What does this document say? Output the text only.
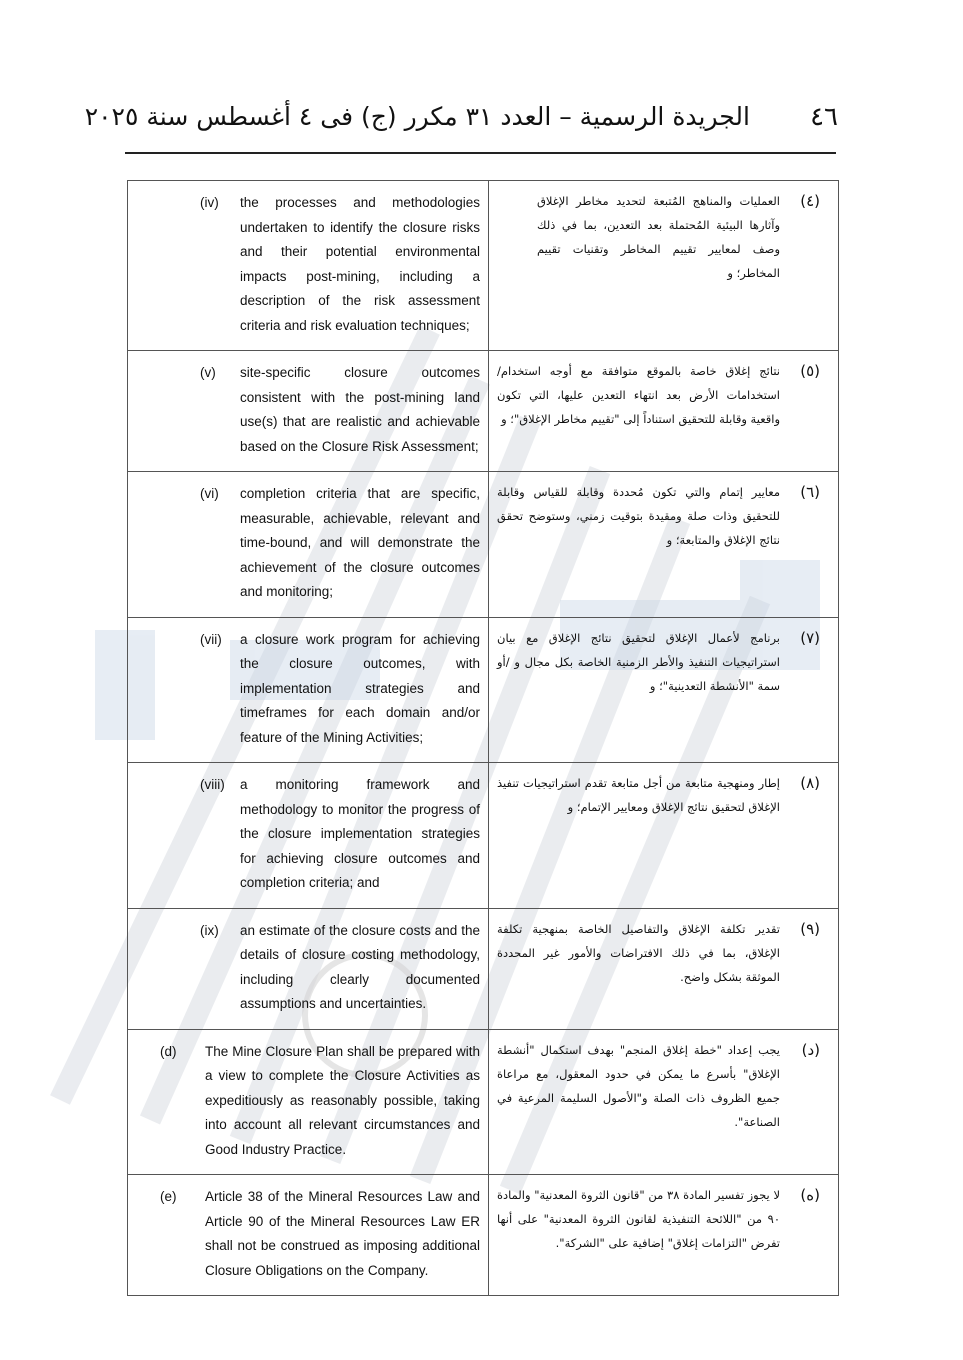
٤٦
الجريدة الرسمية – العدد ٣١ مكرر (ج) فى ٤ أغسطس سنة ٢٠٢٥
(iv) the processes and methodologies undertaken to identify the closure risks and their potential environmental impacts post-mining, including a description of the risk assessment criteria and risk evaluation techniques;	(٤)
العمليات والمناهج المُتبعة لتحديد مخاطر الإغلاق وآثارها البيئية المُحتملة بعد التعدين، بما في ذلك وصف لمعايير تقييم المخاطر وتقنيات تقييم المخاطر؛ و

(v) site-specific closure outcomes consistent with the post-mining land use(s) that are realistic and achievable based on the Closure Risk Assessment;	(٥)
نتائج إغلاق خاصة بالموقع متوافقة مع أوجه استخدام/استخدامات الأرض بعد انتهاء التعدين عليها، التي تكون واقعية وقابلة للتحقيق استناداً إلى "تقييم مخاطر الإغلاق"؛ و

(vi) completion criteria that are specific, measurable, achievable, relevant and time-bound, and will demonstrate the achievement of the closure outcomes and monitoring;	(٦)
معايير إتمام والتي تكون مُحددة وقابلة للقياس وقابلة للتحقيق وذات صلة ومقيدة بتوقيت زمني، وستوضح تحقق نتائج الإغلاق والمتابعة؛ و

(vii) a closure work program for achieving the closure outcomes, with implementation strategies and timeframes for each domain and/or feature of the Mining Activities;	(٧)
برنامج لأعمال الإغلاق لتحقيق نتائج الإغلاق مع بيان استراتيجيات التنفيذ والأطر الزمنية الخاصة بكل مجال و /أو سمة "الأنشطة التعدينية"؛ و

(viii) a monitoring framework and methodology to monitor the progress of the closure implementation strategies for achieving closure outcomes and completion criteria; and	(٨)
إطار ومنهجية متابعة من أجل متابعة تقدم استراتيجيات تنفيذ الإغلاق لتحقيق نتائج الإغلاق ومعايير الإتمام؛ و

(ix) an estimate of the closure costs and the details of closure costing methodology, including clearly documented assumptions and uncertainties.	(٩)
تقدير تكلفة الإغلاق والتفاصيل الخاصة بمنهجية تكلفة الإغلاق، بما في ذلك الافتراضات والأمور غير المحددة الموثقة بشكل واضح.

(d) The Mine Closure Plan shall be prepared with a view to complete the Closure Activities as expeditiously as reasonably possible, taking into account all relevant circumstances and Good Industry Practice.	(د)
يجب إعداد "خطة إغلاق المنجم" بهدف استكمال "أنشطة الإغلاق" بأسرع ما يمكن في حدود المعقول، مع مراعاة جميع الظروف ذات الصلة و"الأصول السليمة المرعية في الصناعة".

(e) Article 38 of the Mineral Resources Law and Article 90 of the Mineral Resources Law ER shall not be construed as imposing additional Closure Obligations on the Company.	(ه)
لا يجوز تفسير المادة ٣٨ من "قانون الثروة المعدنية" والمادة ٩٠ من "اللائحة التنفيذية لقانون الثروة المعدنية" على أنها تفرض "التزامات إغلاق" إضافية على "الشركة".
